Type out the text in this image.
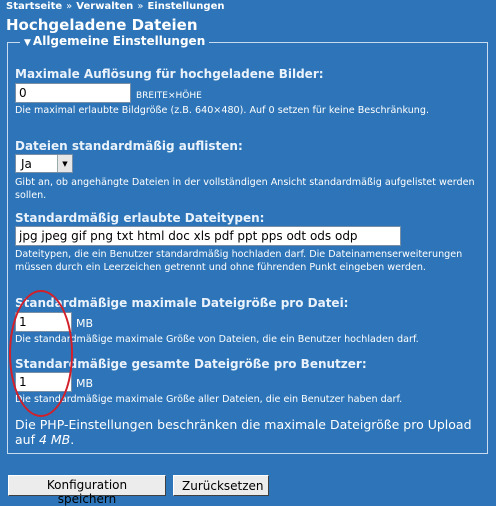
Startseite » Verwalten » Einstellungen
Hochgeladene Dateien
▼ Allgemeine Einstellungen
Maximale Auflösung für hochgeladene Bilder:
0
BREITE×HÖHE
Die maximal erlaubte Bildgröße (z.B. 640×480). Auf 0 setzen für keine Beschränkung.
Dateien standardmäßig auflisten:
Ja	▼
Gibt an, ob angehängte Dateien in der vollständigen Ansicht standardmäßig aufgelistet werden sollen.
Standardmäßig erlaubte Dateitypen:
jpg jpeg gif png txt html doc xls pdf ppt pps odt ods odp
Dateitypen, die ein Benutzer standardmäßig hochladen darf. Die Dateinamenserweiterungen müssen durch ein Leerzeichen getrennt und ohne führenden Punkt eingeben werden.
Standardmäßige maximale Dateigröße pro Datei:
1
MB
Die standardmäßige maximale Größe von Dateien, die ein Benutzer hochladen darf.
Standardmäßige gesamte Dateigröße pro Benutzer:
1
MB
Die standardmäßige maximale Größe aller Dateien, die ein Benutzer haben darf.
Die PHP-Einstellungen beschränken die maximale Dateigröße pro Upload auf 4 MB.
Konfiguration speichern
Zurücksetzen
